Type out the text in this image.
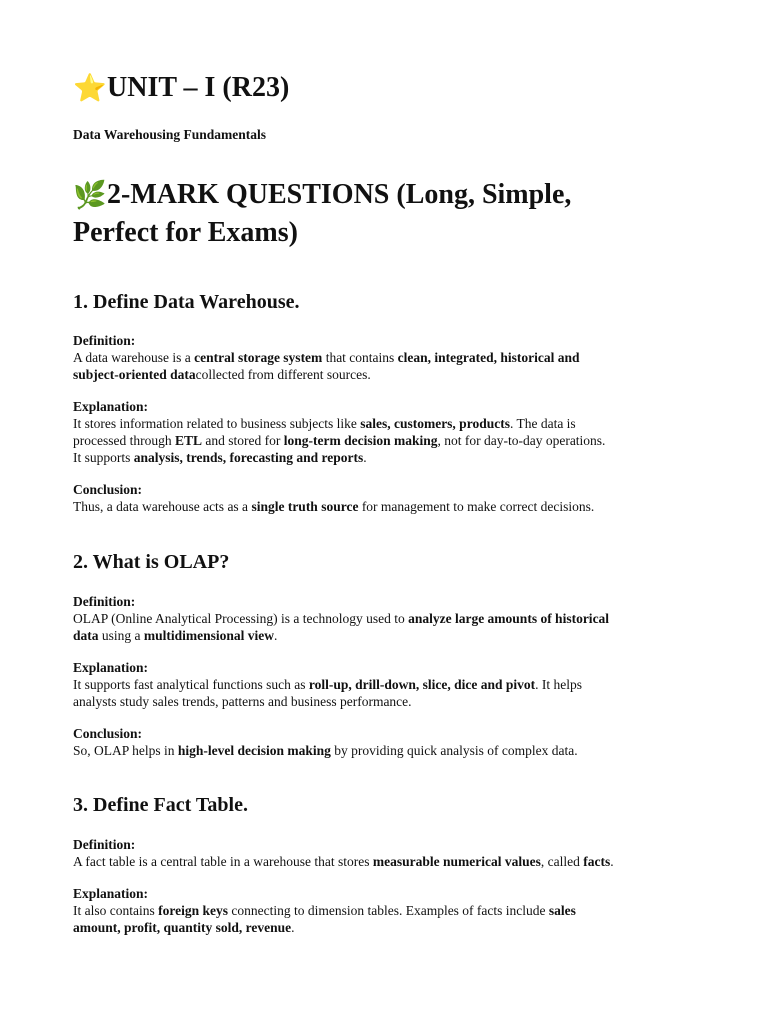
⭐UNIT – I (R23)
Data Warehousing Fundamentals
🌿2-MARK QUESTIONS (Long, Simple,
Perfect for Exams)
1. Define Data Warehouse.
Definition:
A data warehouse is a central storage system that contains clean, integrated, historical and
subject-oriented datacollected from different sources.
Explanation:
It stores information related to business subjects like sales, customers, products. The data is
processed through ETL and stored for long-term decision making, not for day-to-day operations.
It supports analysis, trends, forecasting and reports.
Conclusion:
Thus, a data warehouse acts as a single truth source for management to make correct decisions.
2. What is OLAP?
Definition:
OLAP (Online Analytical Processing) is a technology used to analyze large amounts of historical
data using a multidimensional view.
Explanation:
It supports fast analytical functions such as roll-up, drill-down, slice, dice and pivot. It helps
analysts study sales trends, patterns and business performance.
Conclusion:
So, OLAP helps in high-level decision making by providing quick analysis of complex data.
3. Define Fact Table.
Definition:
A fact table is a central table in a warehouse that stores measurable numerical values, called facts.
Explanation:
It also contains foreign keys connecting to dimension tables. Examples of facts include sales
amount, profit, quantity sold, revenue.
